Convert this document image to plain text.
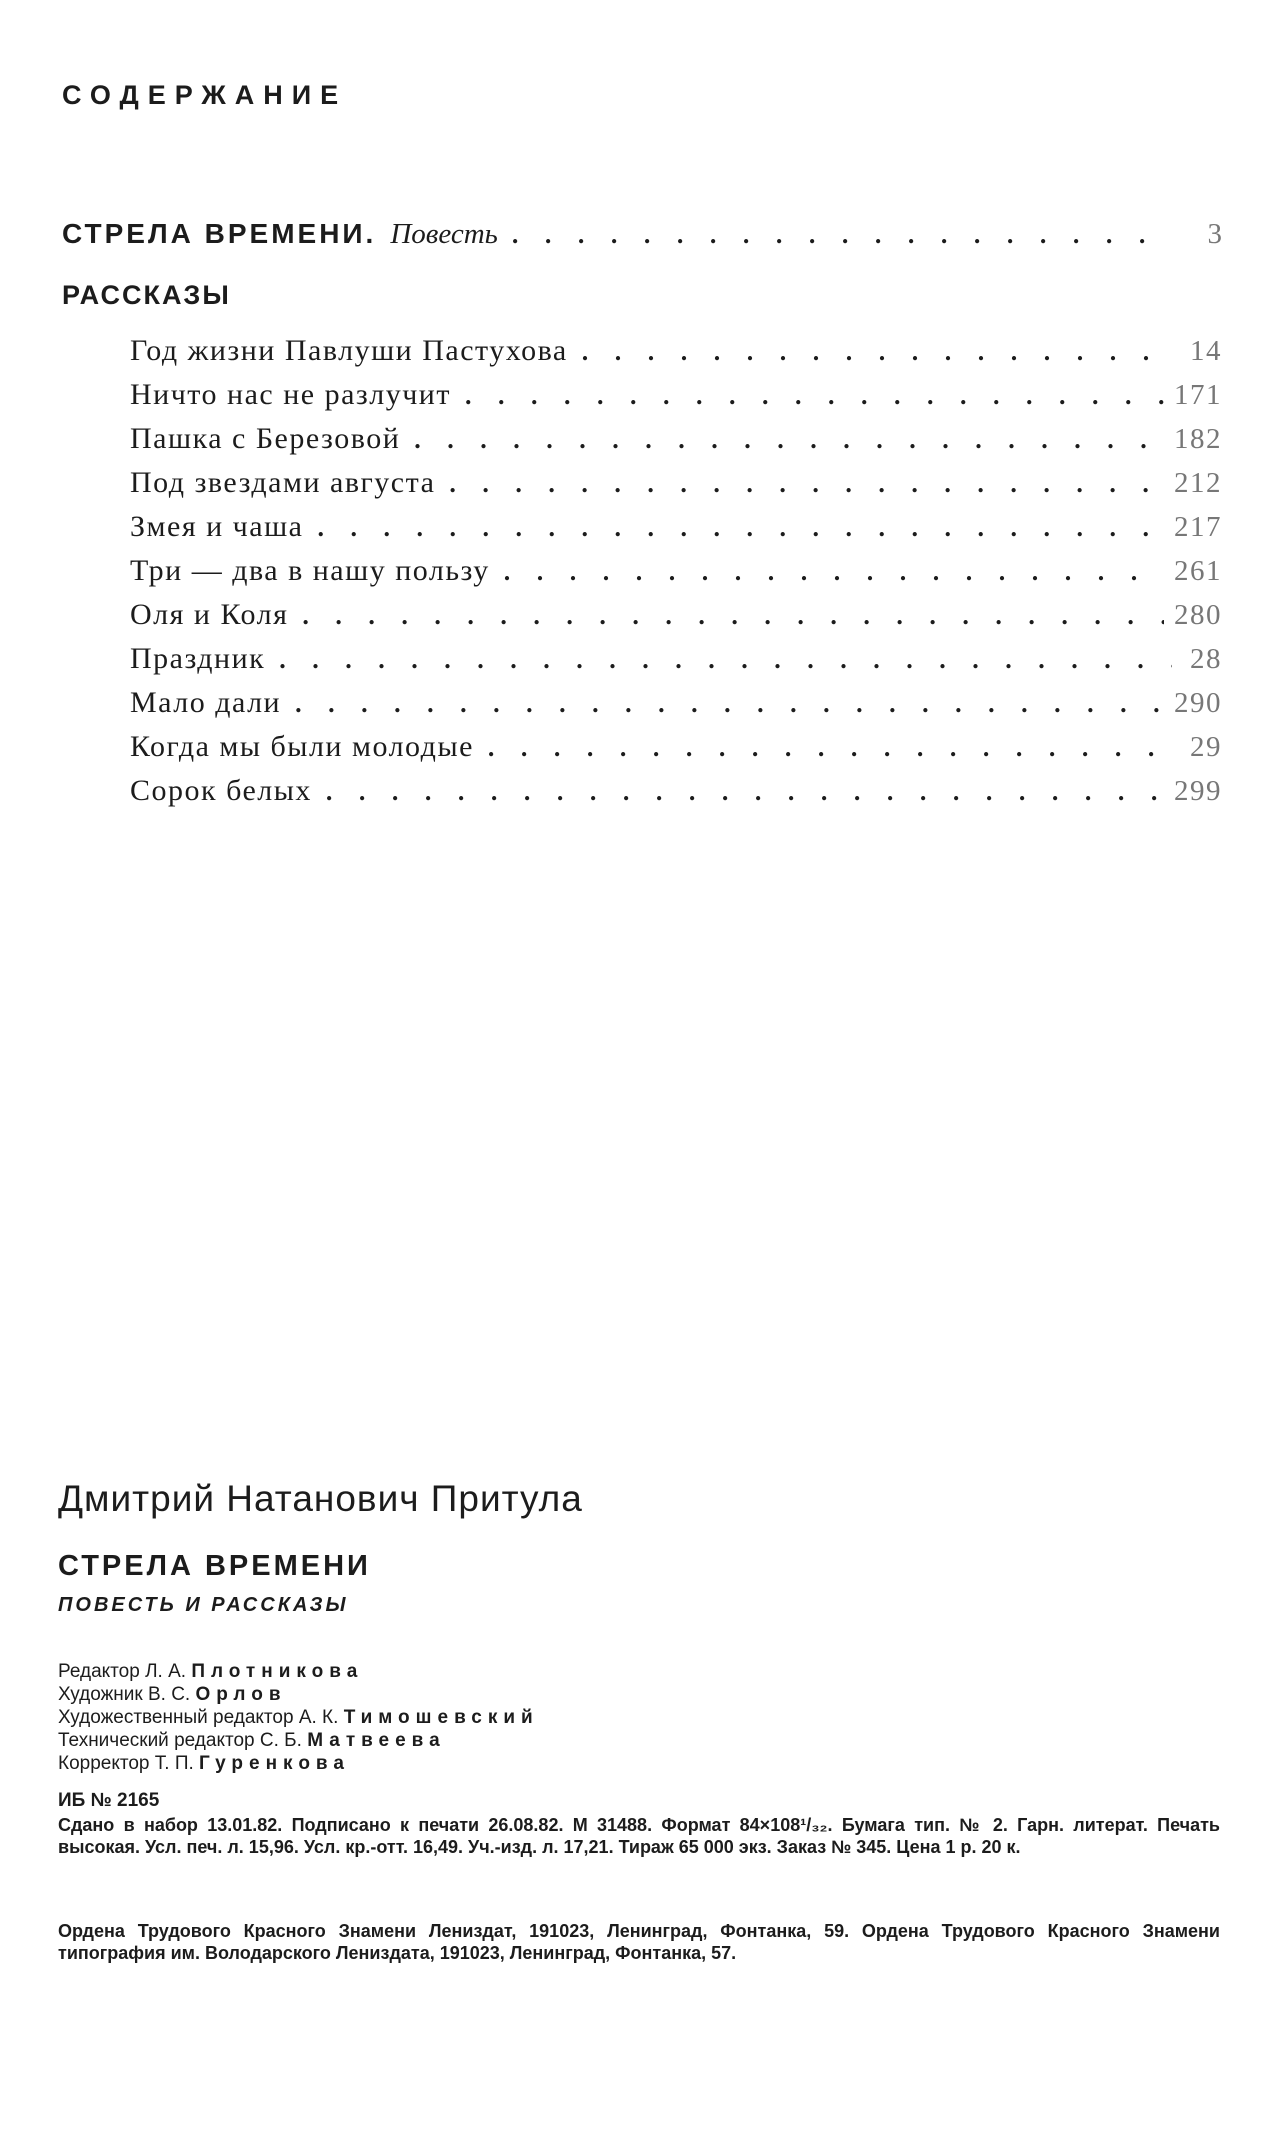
СОДЕРЖАНИЕ
СТРЕЛА ВРЕМЕНИ. Повесть . . .	3
РАССКАЗЫ
Год жизни Павлуши Пастухова . . .	14
Ничто нас не разлучит . . .	171
Пашка с Березовой . . .	182
Под звездами августа . . .	212
Змея и чаша . . .	217
Три — два в нашу пользу . . .	261
Оля и Коля . . .	280
Праздник . . .	28
Мало дали . . .	290
Когда мы были молодые . . .	29
Сорок белых . . .	299
Дмитрий Натанович Притула
СТРЕЛА ВРЕМЕНИ
ПОВЕСТЬ И РАССКАЗЫ
Редактор Л. А. Плотникова
Художник В. С. Орлов
Художественный редактор А. К. Тимошевский
Технический редактор С. Б. Матвеева
Корректор Т. П. Гуренкова
ИБ № 2165
Сдано в набор 13.01.82. Подписано к печати 26.08.82. М 31488. Формат 84×108¹/₃₂. Бумага тип. № 2. Гарн. литерат. Печать высокая. Усл. печ. л. 15,96. Усл. кр.-отт. 16,49. Уч.-изд. л. 17,21. Тираж 65 000 экз. Заказ № 345. Цена 1 р. 20 к.
Ордена Трудового Красного Знамени Лениздат, 191023, Ленинград, Фонтанка, 59. Ордена Трудового Красного Знамени типография им. Володарского Лениздата, 191023, Ленинград, Фонтанка, 57.
